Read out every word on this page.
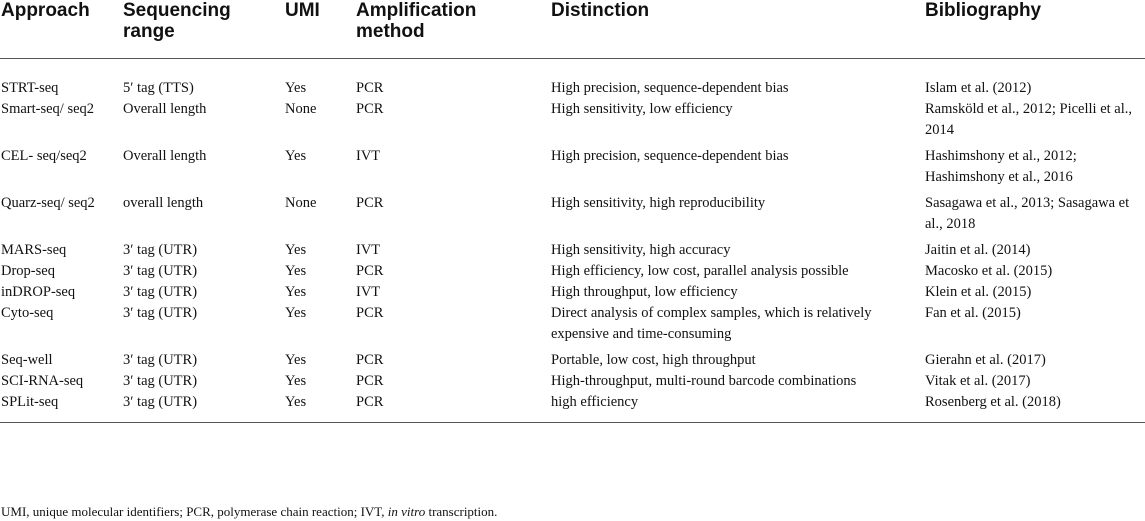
Approach	Sequencing range	UMI	Amplification method	Distinction	Bibliography
STRT-seq	5′ tag (TTS)	Yes	PCR	High precision, sequence-dependent bias	Islam et al. (2012)
Smart-seq/ seq2	Overall length	None	PCR	High sensitivity, low efficiency	Ramsköld et al., 2012; Picelli et al., 2014
CEL- seq/seq2	Overall length	Yes	IVT	High precision, sequence-dependent bias	Hashimshony et al., 2012; Hashimshony et al., 2016
Quarz-seq/ seq2	overall length	None	PCR	High sensitivity, high reproducibility	Sasagawa et al., 2013; Sasagawa et al., 2018
MARS-seq	3′ tag (UTR)	Yes	IVT	High sensitivity, high accuracy	Jaitin et al. (2014)
Drop-seq	3′ tag (UTR)	Yes	PCR	High efficiency, low cost, parallel analysis possible	Macosko et al. (2015)
inDROP-seq	3′ tag (UTR)	Yes	IVT	High throughput, low efficiency	Klein et al. (2015)
Cyto-seq	3′ tag (UTR)	Yes	PCR	Direct analysis of complex samples, which is relatively expensive and time-consuming	Fan et al. (2015)
Seq-well	3′ tag (UTR)	Yes	PCR	Portable, low cost, high throughput	Gierahn et al. (2017)
SCI-RNA-seq	3′ tag (UTR)	Yes	PCR	High-throughput, multi-round barcode combinations	Vitak et al. (2017)
SPLit-seq	3′ tag (UTR)	Yes	PCR	high efficiency	Rosenberg et al. (2018)
UMI, unique molecular identifiers; PCR, polymerase chain reaction; IVT, in vitro transcription.
